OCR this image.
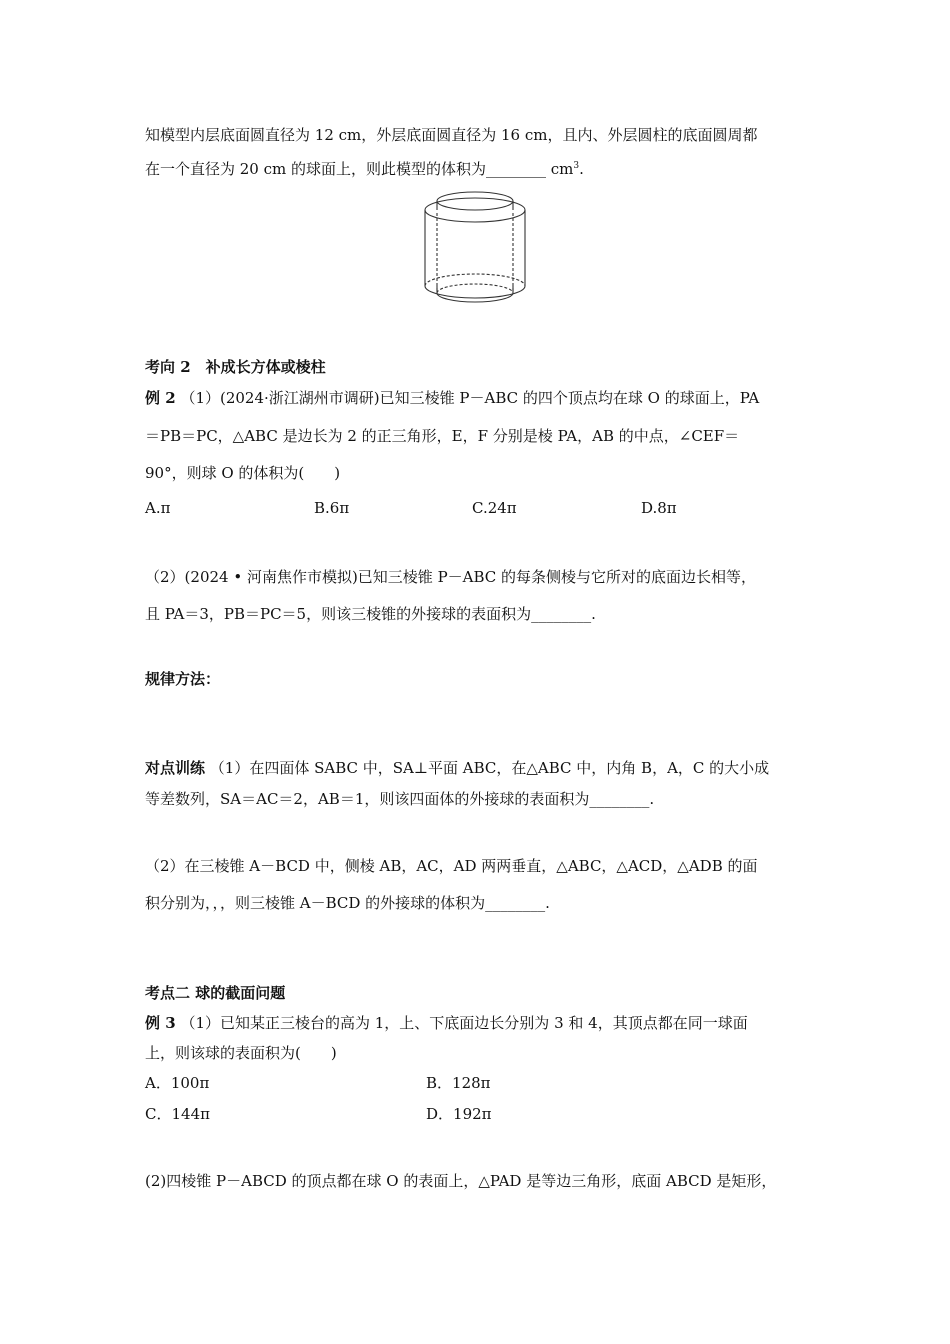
知模型内层底面圆直径为 12 cm，外层底面圆直径为 16 cm，且内、外层圆柱的底面圆周都
在一个直径为 20 cm 的球面上，则此模型的体积为________ $cm^3$.
考向 2　补成长方体或棱柱
例 2 （1）(2024·浙江湖州市调研)已知三棱锥 P－ABC 的四个顶点均在球 O 的球面上，PA
＝PB＝PC，△ABC 是边长为 2 的正三角形，E，F 分别是棱 PA，AB 的中点，∠CEF＝
90°，则球 O 的体积为(　　)
A.π	B.6π	C.24π	D.8π
（2）(2024 • 河南焦作市模拟)已知三棱锥 P－ABC 的每条侧棱与它所对的底面边长相等，
且 PA＝3，PB＝PC＝5，则该三棱锥的外接球的表面积为________.
规律方法：
对点训练 （1）在四面体 SABC 中，SA⊥平面 ABC，在△ABC 中，内角 B，A，C 的大小成
等差数列，SA＝AC＝2，AB＝1，则该四面体的外接球的表面积为________.
（2）在三棱锥 A－BCD 中，侧棱 AB，AC，AD 两两垂直，△ABC，△ACD，△ADB 的面
积分别为，，，则三棱锥 A－BCD 的外接球的体积为________.
考点二 球的截面问题
例 3 （1）已知某正三棱台的高为 1，上、下底面边长分别为 3 和 4，其顶点都在同一球面
上，则该球的表面积为(　　)
A．100π	B．128π
C．144π	D．192π
(2)四棱锥 P－ABCD 的顶点都在球 O 的表面上，△PAD 是等边三角形，底面 ABCD 是矩形，
